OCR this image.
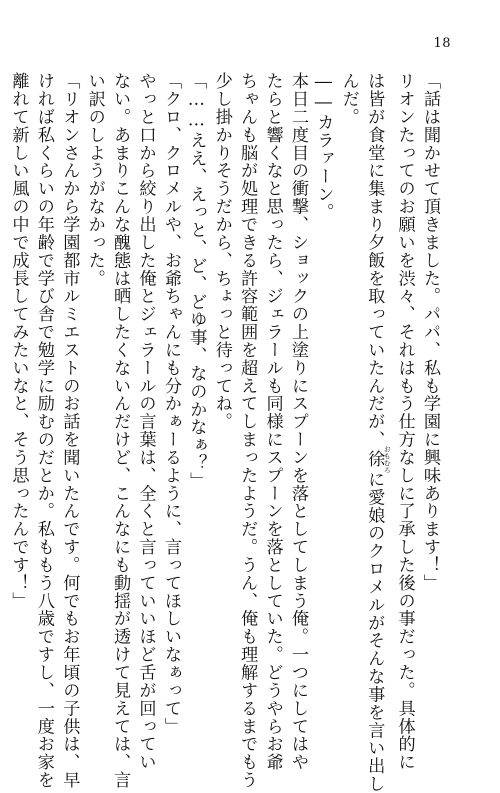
18
「話は聞かせて頂きました。パパ、私も学園に興味あります！」
リオンたってのお願いを渋々、それはもう仕方なしに了承した後の事だった。具体的に
は皆が食堂に集まり夕飯を取っていたんだが、徐 おもむろに愛娘のクロメルがそんな事を言い出し
んだ。
――カラァーン。
本日二度目の衝撃、ショックの上塗りにスプーンを落としてしまう俺。一つにしてはや
たらと響くなと思ったら、ジェラールも同様にスプーンを落としていた。どうやらお爺
ちゃんも脳が処理できる許容範囲を超えてしまったようだ。うん、俺も理解するまでもう
少し掛かりそうだから、ちょっと待ってね。
「……ええ、えっと、ど、どゆ事、なのかなぁ？」
「クロ、クロメルや、お爺ちゃんにも分かぁーるように、言ってほしいなぁって」
やっと口から絞り出した俺とジェラールの言葉は、全くと言っていいほど舌が回ってい
ない。あまりこんな醜態は晒したくないんだけど、こんなにも動揺が透けて見えては、言
い訳のしようがなかった。
「リオンさんから学園都市ルミエストのお話を聞いたんです。何でもお年頃の子供は、早
ければ私くらいの年齢で学び舎で勉学に励むのだとか。私ももう八歳ですし、一度お家を
離れて新しい風の中で成長してみたいなと、そう思ったんです！」
